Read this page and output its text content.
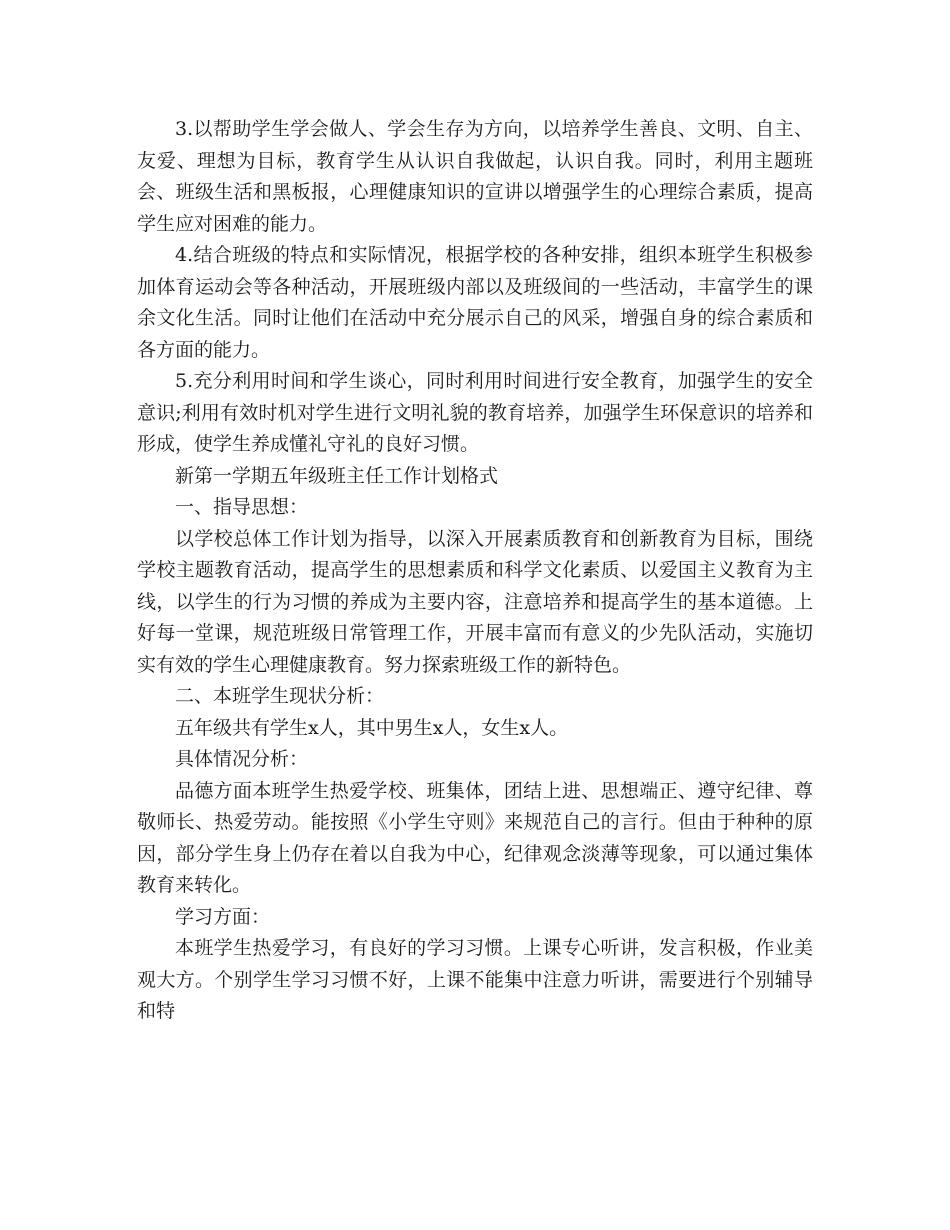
3.以帮助学生学会做人、学会生存为方向，以培养学生善良、文明、自主、友爱、理想为目标，教育学生从认识自我做起，认识自我。同时，利用主题班会、班级生活和黑板报，心理健康知识的宣讲以增强学生的心理综合素质，提高学生应对困难的能力。

4.结合班级的特点和实际情况，根据学校的各种安排，组织本班学生积极参加体育运动会等各种活动，开展班级内部以及班级间的一些活动，丰富学生的课余文化生活。同时让他们在活动中充分展示自己的风采，增强自身的综合素质和各方面的能力。

5.充分利用时间和学生谈心，同时利用时间进行安全教育，加强学生的安全意识;利用有效时机对学生进行文明礼貌的教育培养，加强学生环保意识的培养和形成，使学生养成懂礼守礼的良好习惯。

新第一学期五年级班主任工作计划格式

一、指导思想：

以学校总体工作计划为指导，以深入开展素质教育和创新教育为目标，围绕学校主题教育活动，提高学生的思想素质和科学文化素质、以爱国主义教育为主线，以学生的行为习惯的养成为主要内容，注意培养和提高学生的基本道德。上好每一堂课，规范班级日常管理工作，开展丰富而有意义的少先队活动，实施切实有效的学生心理健康教育。努力探索班级工作的新特色。

二、本班学生现状分析：

五年级共有学生x人，其中男生x人，女生x人。

具体情况分析：

品德方面本班学生热爱学校、班集体，团结上进、思想端正、遵守纪律、尊敬师长、热爱劳动。能按照《小学生守则》来规范自己的言行。但由于种种的原因，部分学生身上仍存在着以自我为中心，纪律观念淡薄等现象，可以通过集体教育来转化。

学习方面：

本班学生热爱学习，有良好的学习习惯。上课专心听讲，发言积极，作业美观大方。个别学生学习习惯不好，上课不能集中注意力听讲，需要进行个别辅导和特
